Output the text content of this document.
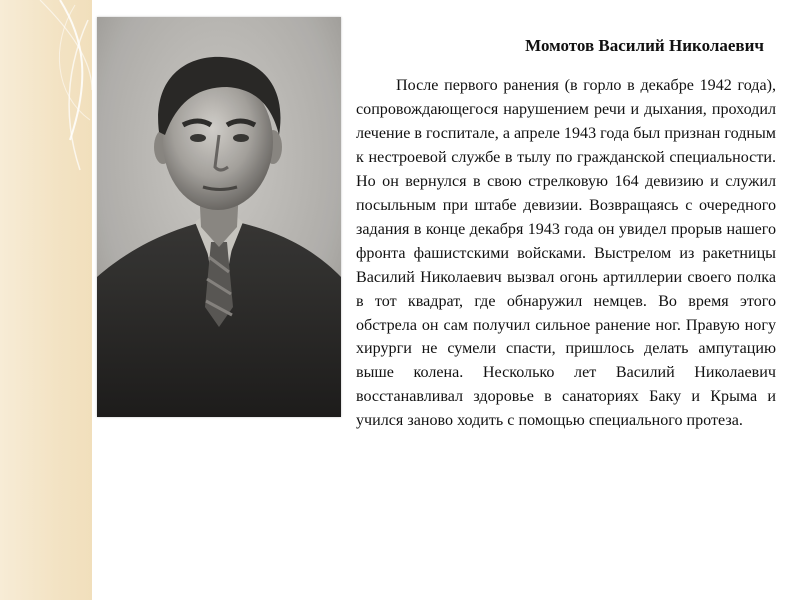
Момотов Василий Николаевич

После первого ранения (в горло в декабре 1942 года), сопровождающегося нарушением речи и дыхания, проходил лечение в госпитале, а апреле 1943 года был признан годным к нестроевой службе в тылу по гражданской специальности. Но он вернулся в свою стрелковую 164 девизию и служил посыльным при штабе девизии. Возвращаясь с очередного задания в конце декабря 1943 года он увидел прорыв нашего фронта фашистскими войсками. Выстрелом из ракетницы Василий Николаевич вызвал огонь артиллерии своего полка в тот квадрат, где обнаружил немцев. Во время этого обстрела он сам получил сильное ранение ног. Правую ногу хирурги не сумели спасти, пришлось делать ампутацию выше колена. Несколько лет Василий Николаевич восстанавливал здоровье в санаториях Баку и Крыма и учился заново ходить с помощью специального протеза.
